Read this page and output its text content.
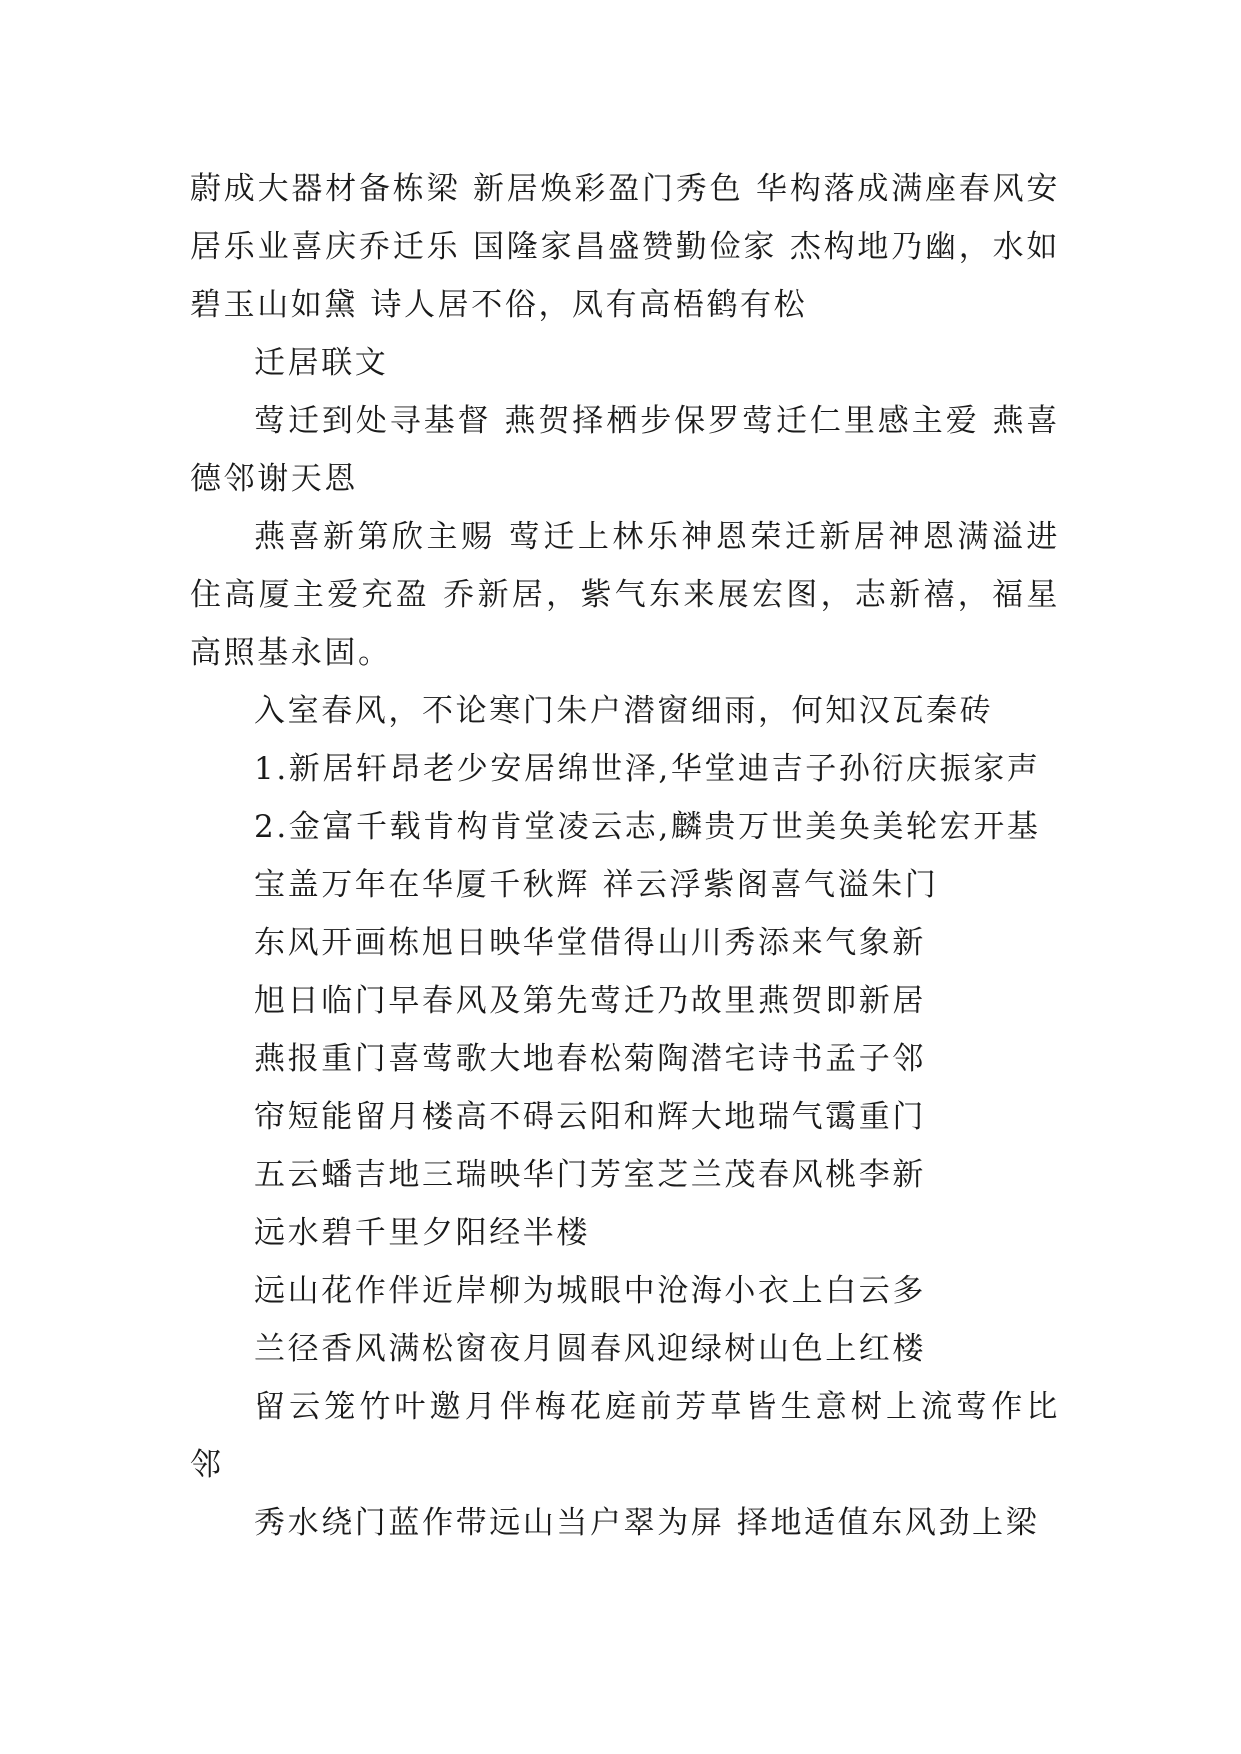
蔚成大器材备栋梁 新居焕彩盈门秀色 华构落成满座春风安居乐业喜庆乔迁乐 国隆家昌盛赞勤俭家 杰构地乃幽，水如碧玉山如黛 诗人居不俗，凤有高梧鹤有松

迁居联文

莺迁到处寻基督 燕贺择栖步保罗莺迁仁里感主爱 燕喜德邻谢天恩

燕喜新第欣主赐 莺迁上林乐神恩荣迁新居神恩满溢进住高厦主爱充盈 乔新居，紫气东来展宏图，志新禧，福星高照基永固。

入室春风，不论寒门朱户潜窗细雨，何知汉瓦秦砖

1.新居轩昂老少安居绵世泽,华堂迪吉子孙衍庆振家声

2.金富千载肯构肯堂凌云志,麟贵万世美奂美轮宏开基

宝盖万年在华厦千秋辉 祥云浮紫阁喜气溢朱门

东风开画栋旭日映华堂借得山川秀添来气象新

旭日临门早春风及第先莺迁乃故里燕贺即新居

燕报重门喜莺歌大地春松菊陶潜宅诗书孟子邻

帘短能留月楼高不碍云阳和辉大地瑞气霭重门

五云蟠吉地三瑞映华门芳室芝兰茂春风桃李新

远水碧千里夕阳经半楼

远山花作伴近岸柳为城眼中沧海小衣上白云多

兰径香风满松窗夜月圆春风迎绿树山色上红楼

留云笼竹叶邀月伴梅花庭前芳草皆生意树上流莺作比邻

秀水绕门蓝作带远山当户翠为屏 择地适值东风劲上梁
